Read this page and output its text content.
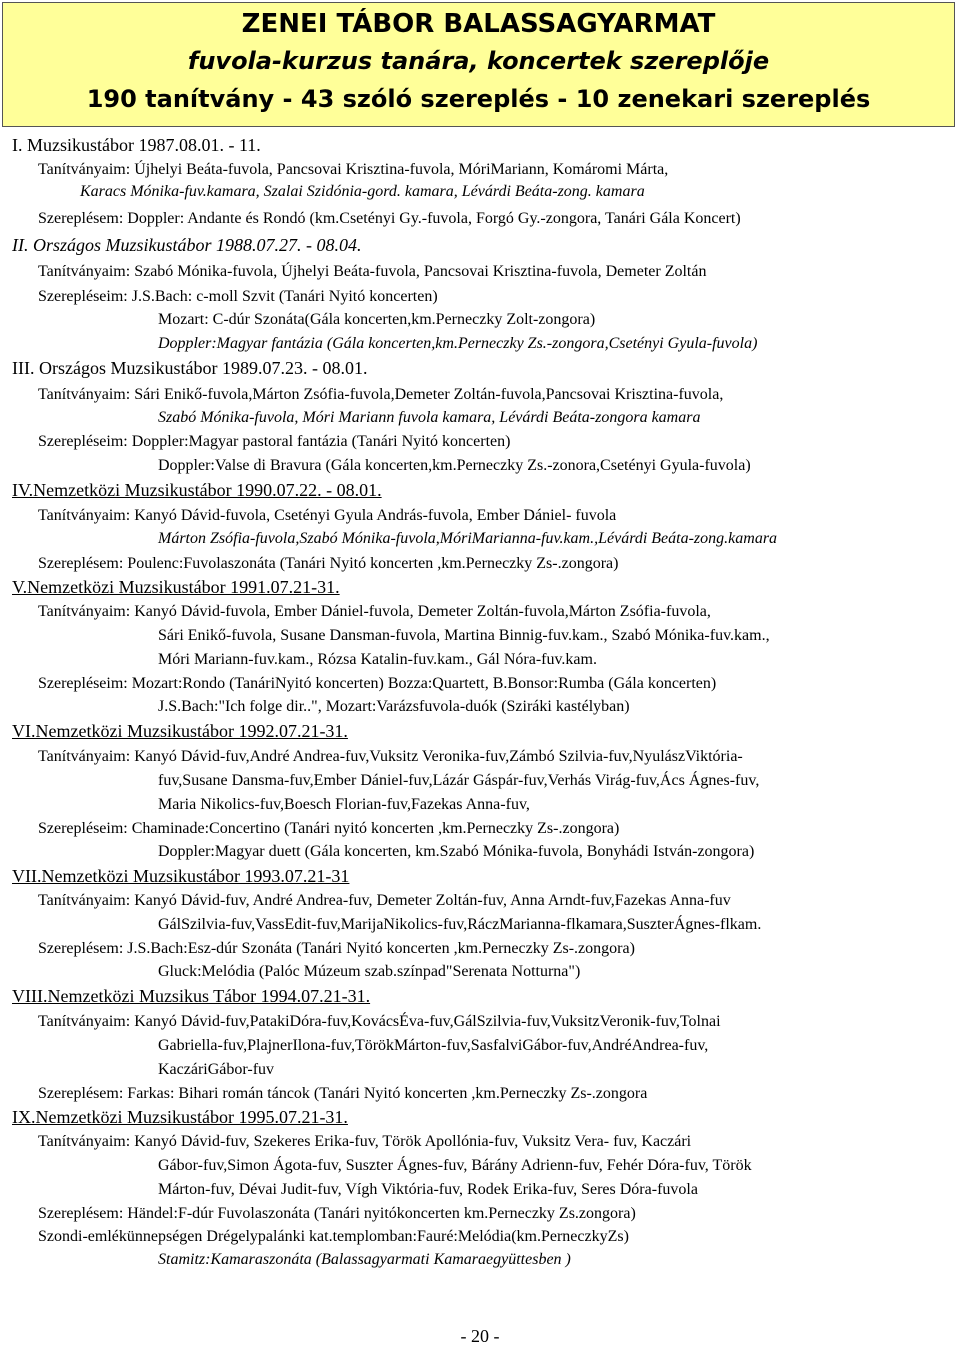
ZENEI TÁBOR BALASSAGYARMAT
fuvola-kurzus tanára, koncertek szereplője
190 tanítvány - 43 szóló szereplés - 10 zenekari szereplés
I. Muzsikustábor 1987.08.01. - 11.
Tanítványaim: Újhelyi Beáta-fuvola, Pancsovai Krisztina-fuvola, MóriMariann, Komáromi Márta,
Karacs Mónika-fuv.kamara, Szalai Szidónia-gord. kamara, Lévárdi Beáta-zong. kamara
Szereplésem: Doppler: Andante és Rondó (km.Csetényi Gy.-fuvola, Forgó Gy.-zongora, Tanári Gála Koncert)
II. Országos Muzsikustábor 1988.07.27. - 08.04.
Tanítványaim: Szabó Mónika-fuvola, Újhelyi Beáta-fuvola, Pancsovai Krisztina-fuvola, Demeter Zoltán
Szerepléseim: J.S.Bach: c-moll Szvit (Tanári Nyitó koncerten)
Mozart: C-dúr Szonáta(Gála koncerten,km.Perneczky Zolt-zongora)
Doppler:Magyar fantázia (Gála koncerten,km.Perneczky Zs.-zongora,Csetényi Gyula-fuvola)
III. Országos Muzsikustábor 1989.07.23. - 08.01.
Tanítványaim: Sári Enikő-fuvola,Márton Zsófia-fuvola,Demeter Zoltán-fuvola,Pancsovai Krisztina-fuvola,
Szabó Mónika-fuvola, Móri Mariann fuvola kamara, Lévárdi Beáta-zongora kamara
Szerepléseim: Doppler:Magyar pastoral fantázia (Tanári Nyitó koncerten)
Doppler:Valse di Bravura (Gála koncerten,km.Perneczky Zs.-zonora,Csetényi Gyula-fuvola)
IV.Nemzetközi Muzsikustábor 1990.07.22. - 08.01.
Tanítványaim: Kanyó Dávid-fuvola, Csetényi Gyula András-fuvola, Ember Dániel- fuvola
Márton Zsófia-fuvola,Szabó Mónika-fuvola,MóriMarianna-fuv.kam.,Lévárdi Beáta-zong.kamara
Szereplésem: Poulenc:Fuvolaszonáta (Tanári Nyitó koncerten ,km.Perneczky Zs-.zongora)
V.Nemzetközi Muzsikustábor 1991.07.21-31.
Tanítványaim: Kanyó Dávid-fuvola, Ember Dániel-fuvola, Demeter Zoltán-fuvola,Márton Zsófia-fuvola,
Sári Enikő-fuvola, Susane Dansman-fuvola, Martina Binnig-fuv.kam., Szabó Mónika-fuv.kam.,
Móri Mariann-fuv.kam., Rózsa Katalin-fuv.kam., Gál Nóra-fuv.kam.
Szerepléseim: Mozart:Rondo (TanáriNyitó koncerten) Bozza:Quartett, B.Bonsor:Rumba (Gála koncerten)
J.S.Bach:"Ich folge dir..", Mozart:Varázsfuvola-duók (Sziráki kastélyban)
VI.Nemzetközi Muzsikustábor 1992.07.21-31.
Tanítványaim: Kanyó Dávid-fuv,André Andrea-fuv,Vuksitz Veronika-fuv,Zámbó Szilvia-fuv,NyulászViktória-
fuv,Susane Dansma-fuv,Ember Dániel-fuv,Lázár Gáspár-fuv,Verhás Virág-fuv,Ács Ágnes-fuv,
Maria Nikolics-fuv,Boesch Florian-fuv,Fazekas Anna-fuv,
Szerepléseim: Chaminade:Concertino (Tanári nyitó koncerten ,km.Perneczky Zs-.zongora)
Doppler:Magyar duett (Gála koncerten, km.Szabó Mónika-fuvola, Bonyhádi István-zongora)
VII.Nemzetközi Muzsikustábor 1993.07.21-31
Tanítványaim: Kanyó Dávid-fuv, André Andrea-fuv, Demeter Zoltán-fuv, Anna Arndt-fuv,Fazekas Anna-fuv
GálSzilvia-fuv,VassEdit-fuv,MarijaNikolics-fuv,RáczMarianna-flkamara,SuszterÁgnes-flkam.
Szereplésem: J.S.Bach:Esz-dúr Szonáta (Tanári Nyitó koncerten ,km.Perneczky Zs-.zongora)
Gluck:Melódia (Palóc Múzeum szab.színpad"Serenata Notturna")
VIII.Nemzetközi Muzsikus Tábor 1994.07.21-31.
Tanítványaim: Kanyó Dávid-fuv,PatakiDóra-fuv,KovácsÉva-fuv,GálSzilvia-fuv,VuksitzVeronik-fuv,Tolnai
Gabriella-fuv,PlajnerIlona-fuv,TörökMárton-fuv,SasfalviGábor-fuv,AndréAndrea-fuv,
KaczáriGábor-fuv
Szereplésem: Farkas: Bihari román táncok (Tanári Nyitó koncerten ,km.Perneczky Zs-.zongora
IX.Nemzetközi Muzsikustábor 1995.07.21-31.
Tanítványaim: Kanyó Dávid-fuv, Szekeres Erika-fuv, Török Apollónia-fuv, Vuksitz Vera- fuv, Kaczári
Gábor-fuv,Simon Ágota-fuv, Suszter Ágnes-fuv, Bárány Adrienn-fuv, Fehér Dóra-fuv, Török
Márton-fuv, Dévai Judit-fuv, Vígh Viktória-fuv, Rodek Erika-fuv, Seres Dóra-fuvola
Szereplésem: Händel:F-dúr Fuvolaszonáta (Tanári nyitókoncerten km.Perneczky Zs.zongora)
Szondi-emlékünnepségen Drégelypalánki kat.templomban:Fauré:Melódia(km.PerneczkyZs)
Stamitz:Kamaraszonáta (Balassagyarmati Kamaraegyüttesben )
- 20 -
